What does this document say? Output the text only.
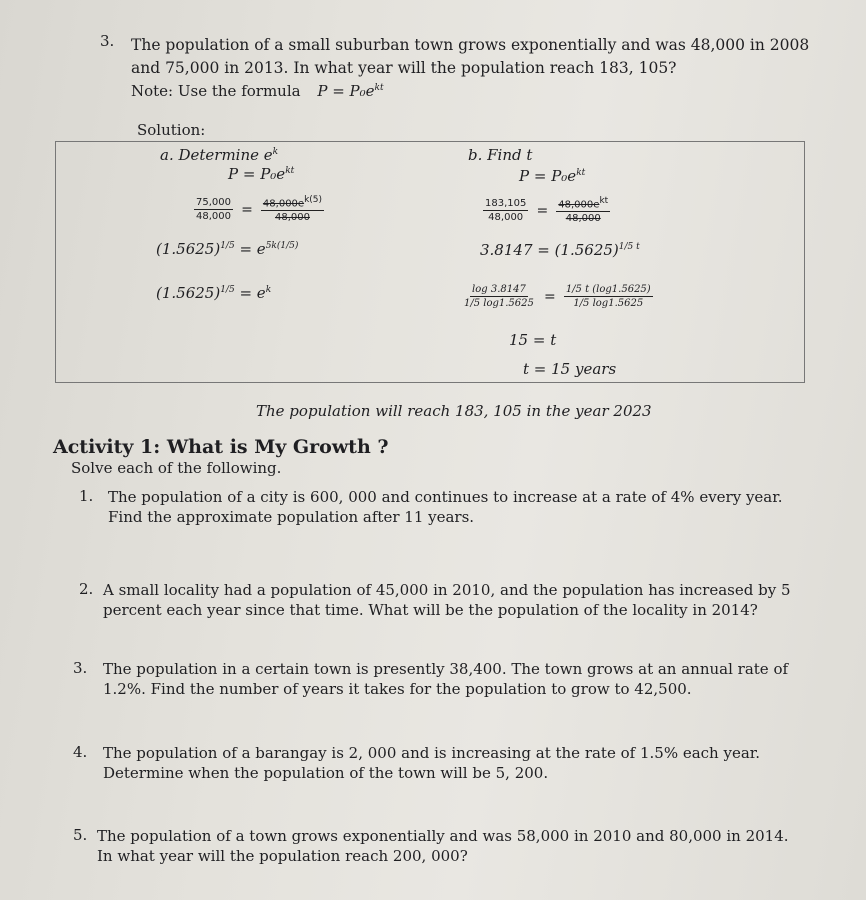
3. The population of a small suburban town grows exponentially and was 48,000 in 2008
and 75,000 in 2013. In what year will the population reach 183, 105?
Note: Use the formula $P = P_0e^{kt}$
Solution:
a. Determine $e^k$
$P = P_0e^{kt}$
$\frac{75,000}{48,000} = \frac{48,000e^{k(5)}}{48,000}$
$(1.5625)^{1/5} = e^{5k(1/5)}$
$(1.5625)^{1/5} = e^k$
b. Find t
$P = P_0e^{kt}$
$\frac{183,105}{48,000} = \frac{48,000e^{kt}}{48,000}$
$3.8147 = (1.5625)^{1/5 t}$
$\frac{\log 3.8147}{1/5 \log 1.5625} = \frac{1/5 t (\log 1.5625)}{1/5 \log 1.5625}$
15 = t
t = 15 years
The population will reach 183, 105 in the year 2023
Activity 1: What is My Growth ?
Solve each of the following.
1. The population of a city is 600, 000 and continues to increase at a rate of 4% every year. Find the approximate population after 11 years.
2. A small locality had a population of 45,000 in 2010, and the population has increased by 5 percent each year since that time. What will be the population of the locality in 2014?
3. The population in a certain town is presently 38,400. The town grows at an annual rate of 1.2%. Find the number of years it takes for the population to grow to 42,500.
4. The population of a barangay is 2, 000 and is increasing at the rate of 1.5% each year. Determine when the population of the town will be 5, 200.
5. The population of a town grows exponentially and was 58,000 in 2010 and 80,000 in 2014. In what year will the population reach 200, 000?
